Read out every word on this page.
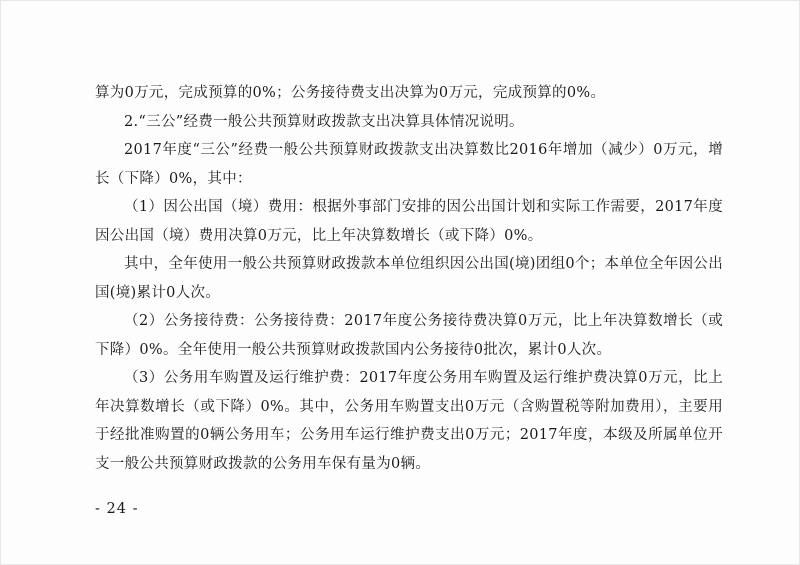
算为0万元，完成预算的0%；公务接待费支出决算为0万元，完成预算的0%。

2.“三公”经费一般公共预算财政拨款支出决算具体情况说明。

2017年度“三公”经费一般公共预算财政拨款支出决算数比2016年增加（减少）0万元，增长（下降）0%，其中：

（1）因公出国（境）费用：根据外事部门安排的因公出国计划和实际工作需要，2017年度因公出国（境）费用决算0万元，比上年决算数增长（或下降）0%。

其中，全年使用一般公共预算财政拨款本单位组织因公出国(境)团组0个；本单位全年因公出国(境)累计0人次。

（2）公务接待费：公务接待费：2017年度公务接待费决算0万元，比上年决算数增长（或下降）0%。全年使用一般公共预算财政拨款国内公务接待0批次，累计0人次。

（3）公务用车购置及运行维护费：2017年度公务用车购置及运行维护费决算0万元，比上年决算数增长（或下降）0%。其中，公务用车购置支出0万元（含购置税等附加费用），主要用于经批准购置的0辆公务用车；公务用车运行维护费支出0万元；2017年度，本级及所属单位开支一般公共预算财政拨款的公务用车保有量为0辆。

- 24 -
